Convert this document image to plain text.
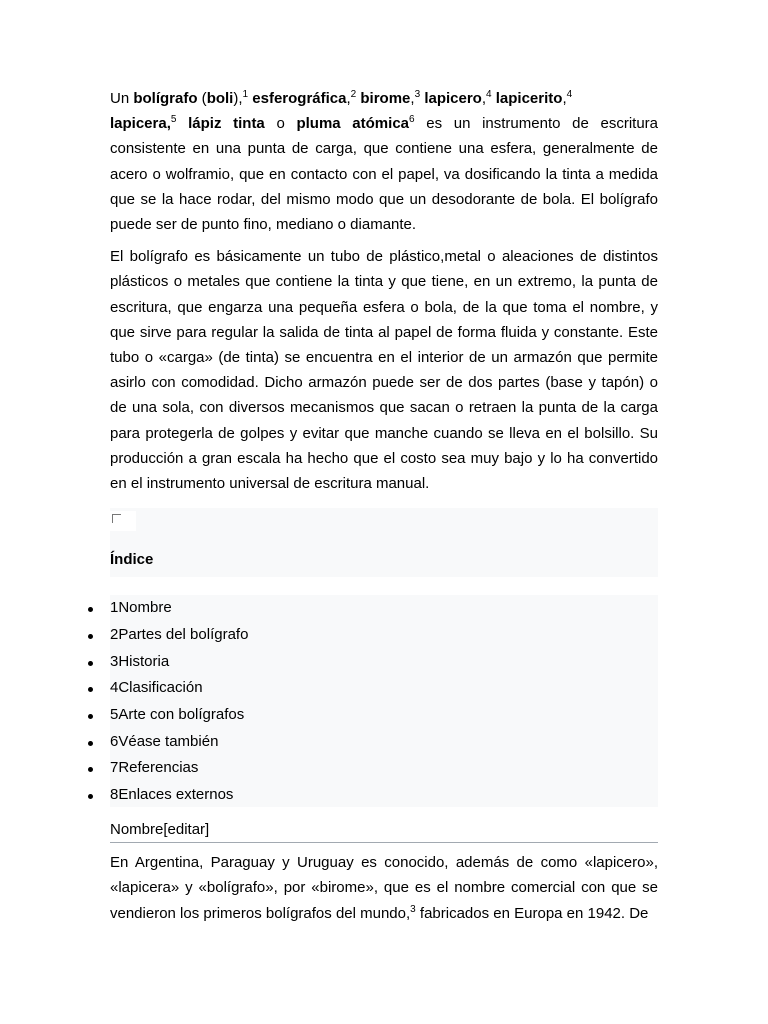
Un bolígrafo (boli),$^1$ esferográfica,$^2$ birome,$^3$ lapicero,$^4$ lapicerito,$^4$
lapicera,$^5$ lápiz tinta o pluma atómica$^6$ es un instrumento de escritura consistente en una punta de carga, que contiene una esfera, generalmente de acero o wolframio, que en contacto con el papel, va dosificando la tinta a medida que se la hace rodar, del mismo modo que un desodorante de bola. El bolígrafo puede ser de punto fino, mediano o diamante.

El bolígrafo es básicamente un tubo de plástico,metal o aleaciones de distintos plásticos o metales que contiene la tinta y que tiene, en un extremo, la punta de escritura, que engarza una pequeña esfera o bola, de la que toma el nombre, y que sirve para regular la salida de tinta al papel de forma fluida y constante. Este tubo o «carga» (de tinta) se encuentra en el interior de un armazón que permite asirlo con comodidad. Dicho armazón puede ser de dos partes (base y tapón) o de una sola, con diversos mecanismos que sacan o retraen la punta de la carga para protegerla de golpes y evitar que manche cuando se lleva en el bolsillo. Su producción a gran escala ha hecho que el costo sea muy bajo y lo ha convertido en el instrumento universal de escritura manual.

Índice
1Nombre
2Partes del bolígrafo
3Historia
4Clasificación
5Arte con bolígrafos
6Véase también
7Referencias
8Enlaces externos
Nombre[editar]

En Argentina, Paraguay y Uruguay es conocido, además de como «lapicero», «lapicera» y «bolígrafo», por «birome», que es el nombre comercial con que se vendieron los primeros bolígrafos del mundo,$^3$ fabricados en Europa en 1942. De
